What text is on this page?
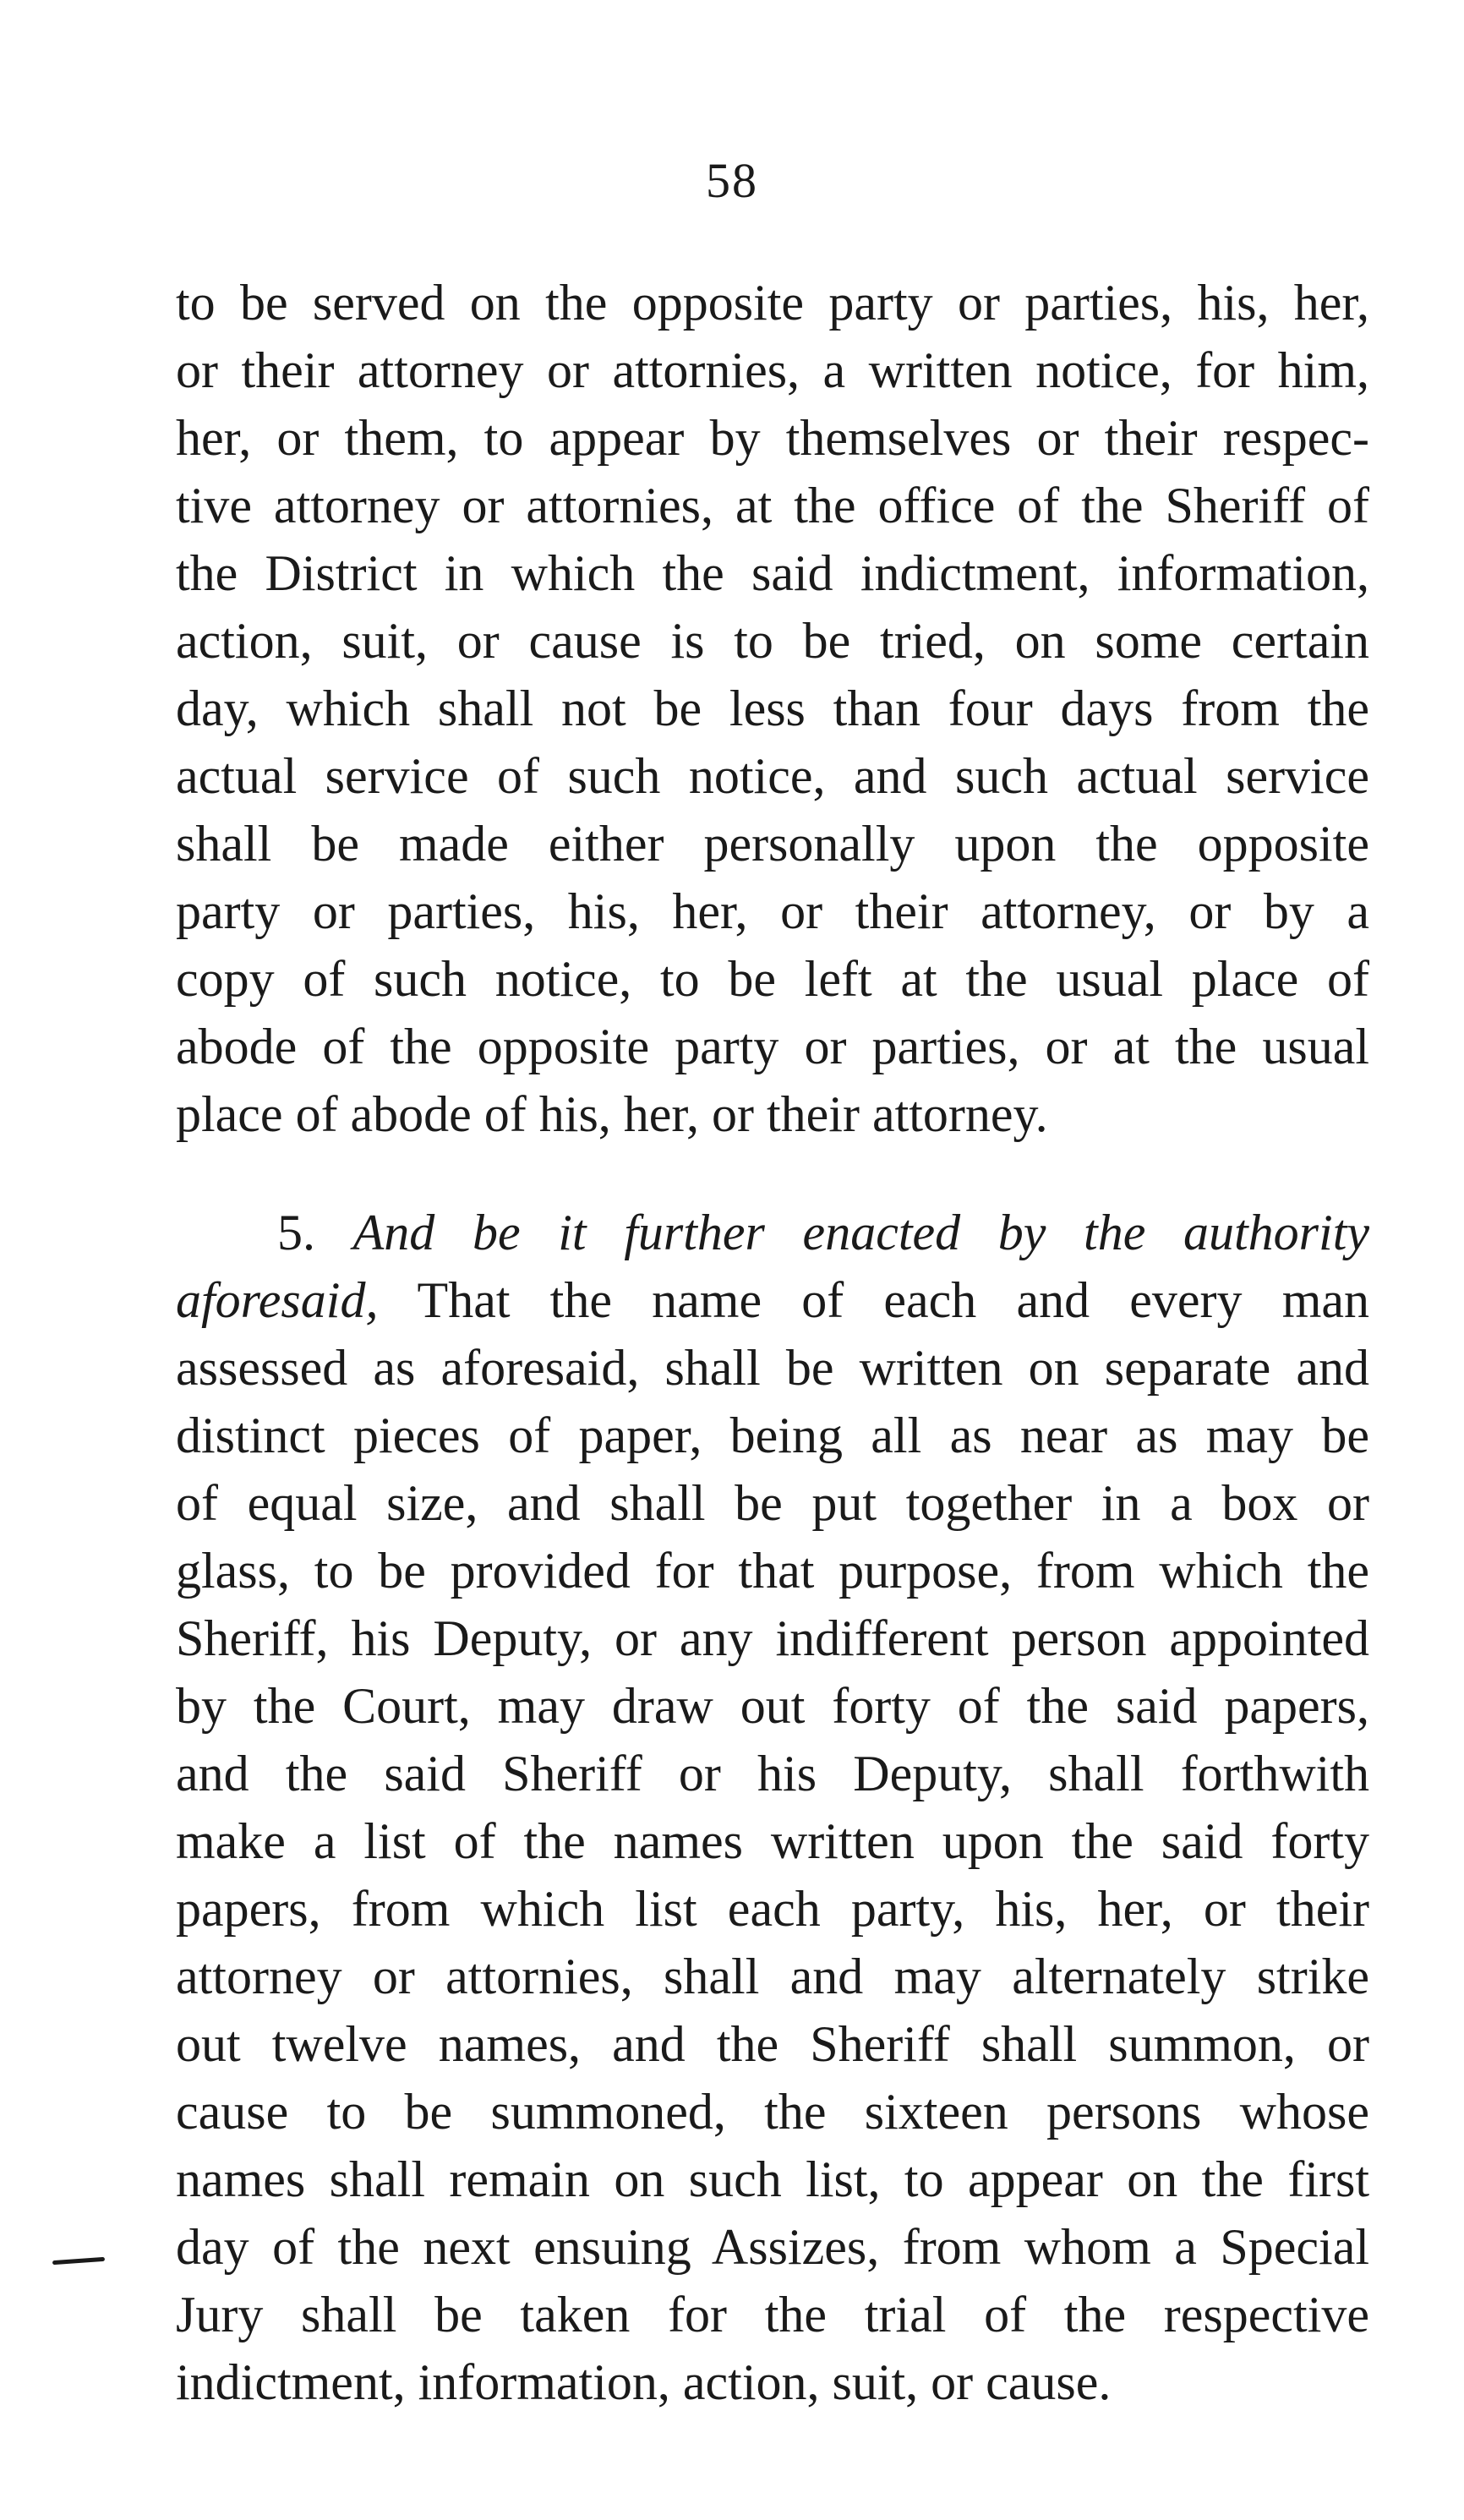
58
to be served on the opposite party or parties, his, her,
or their attorney or attornies, a written notice, for him,
her, or them, to appear by themselves or their respec-
tive attorney or attornies, at the office of the Sheriff of
the District in which the said indictment, information,
action, suit, or cause is to be tried, on some certain
day, which shall not be less than four days from the
actual service of such notice, and such actual service
shall be made either personally upon the opposite
party or parties, his, her, or their attorney, or by a
copy of such notice, to be left at the usual place of
abode of the opposite party or parties, or at the usual
place of abode of his, her, or their attorney.
5. And be it further enacted by the authority
aforesaid, That the name of each and every man
assessed as aforesaid, shall be written on separate and
distinct pieces of paper, being all as near as may be
of equal size, and shall be put together in a box or
glass, to be provided for that purpose, from which the
Sheriff, his Deputy, or any indifferent person appointed
by the Court, may draw out forty of the said papers,
and the said Sheriff or his Deputy, shall forthwith
make a list of the names written upon the said forty
papers, from which list each party, his, her, or their
attorney or attornies, shall and may alternately strike
out twelve names, and the Sheriff shall summon, or
cause to be summoned, the sixteen persons whose
names shall remain on such list, to appear on the first
day of the next ensuing Assizes, from whom a Special
Jury shall be taken for the trial of the respective
indictment, information, action, suit, or cause.
